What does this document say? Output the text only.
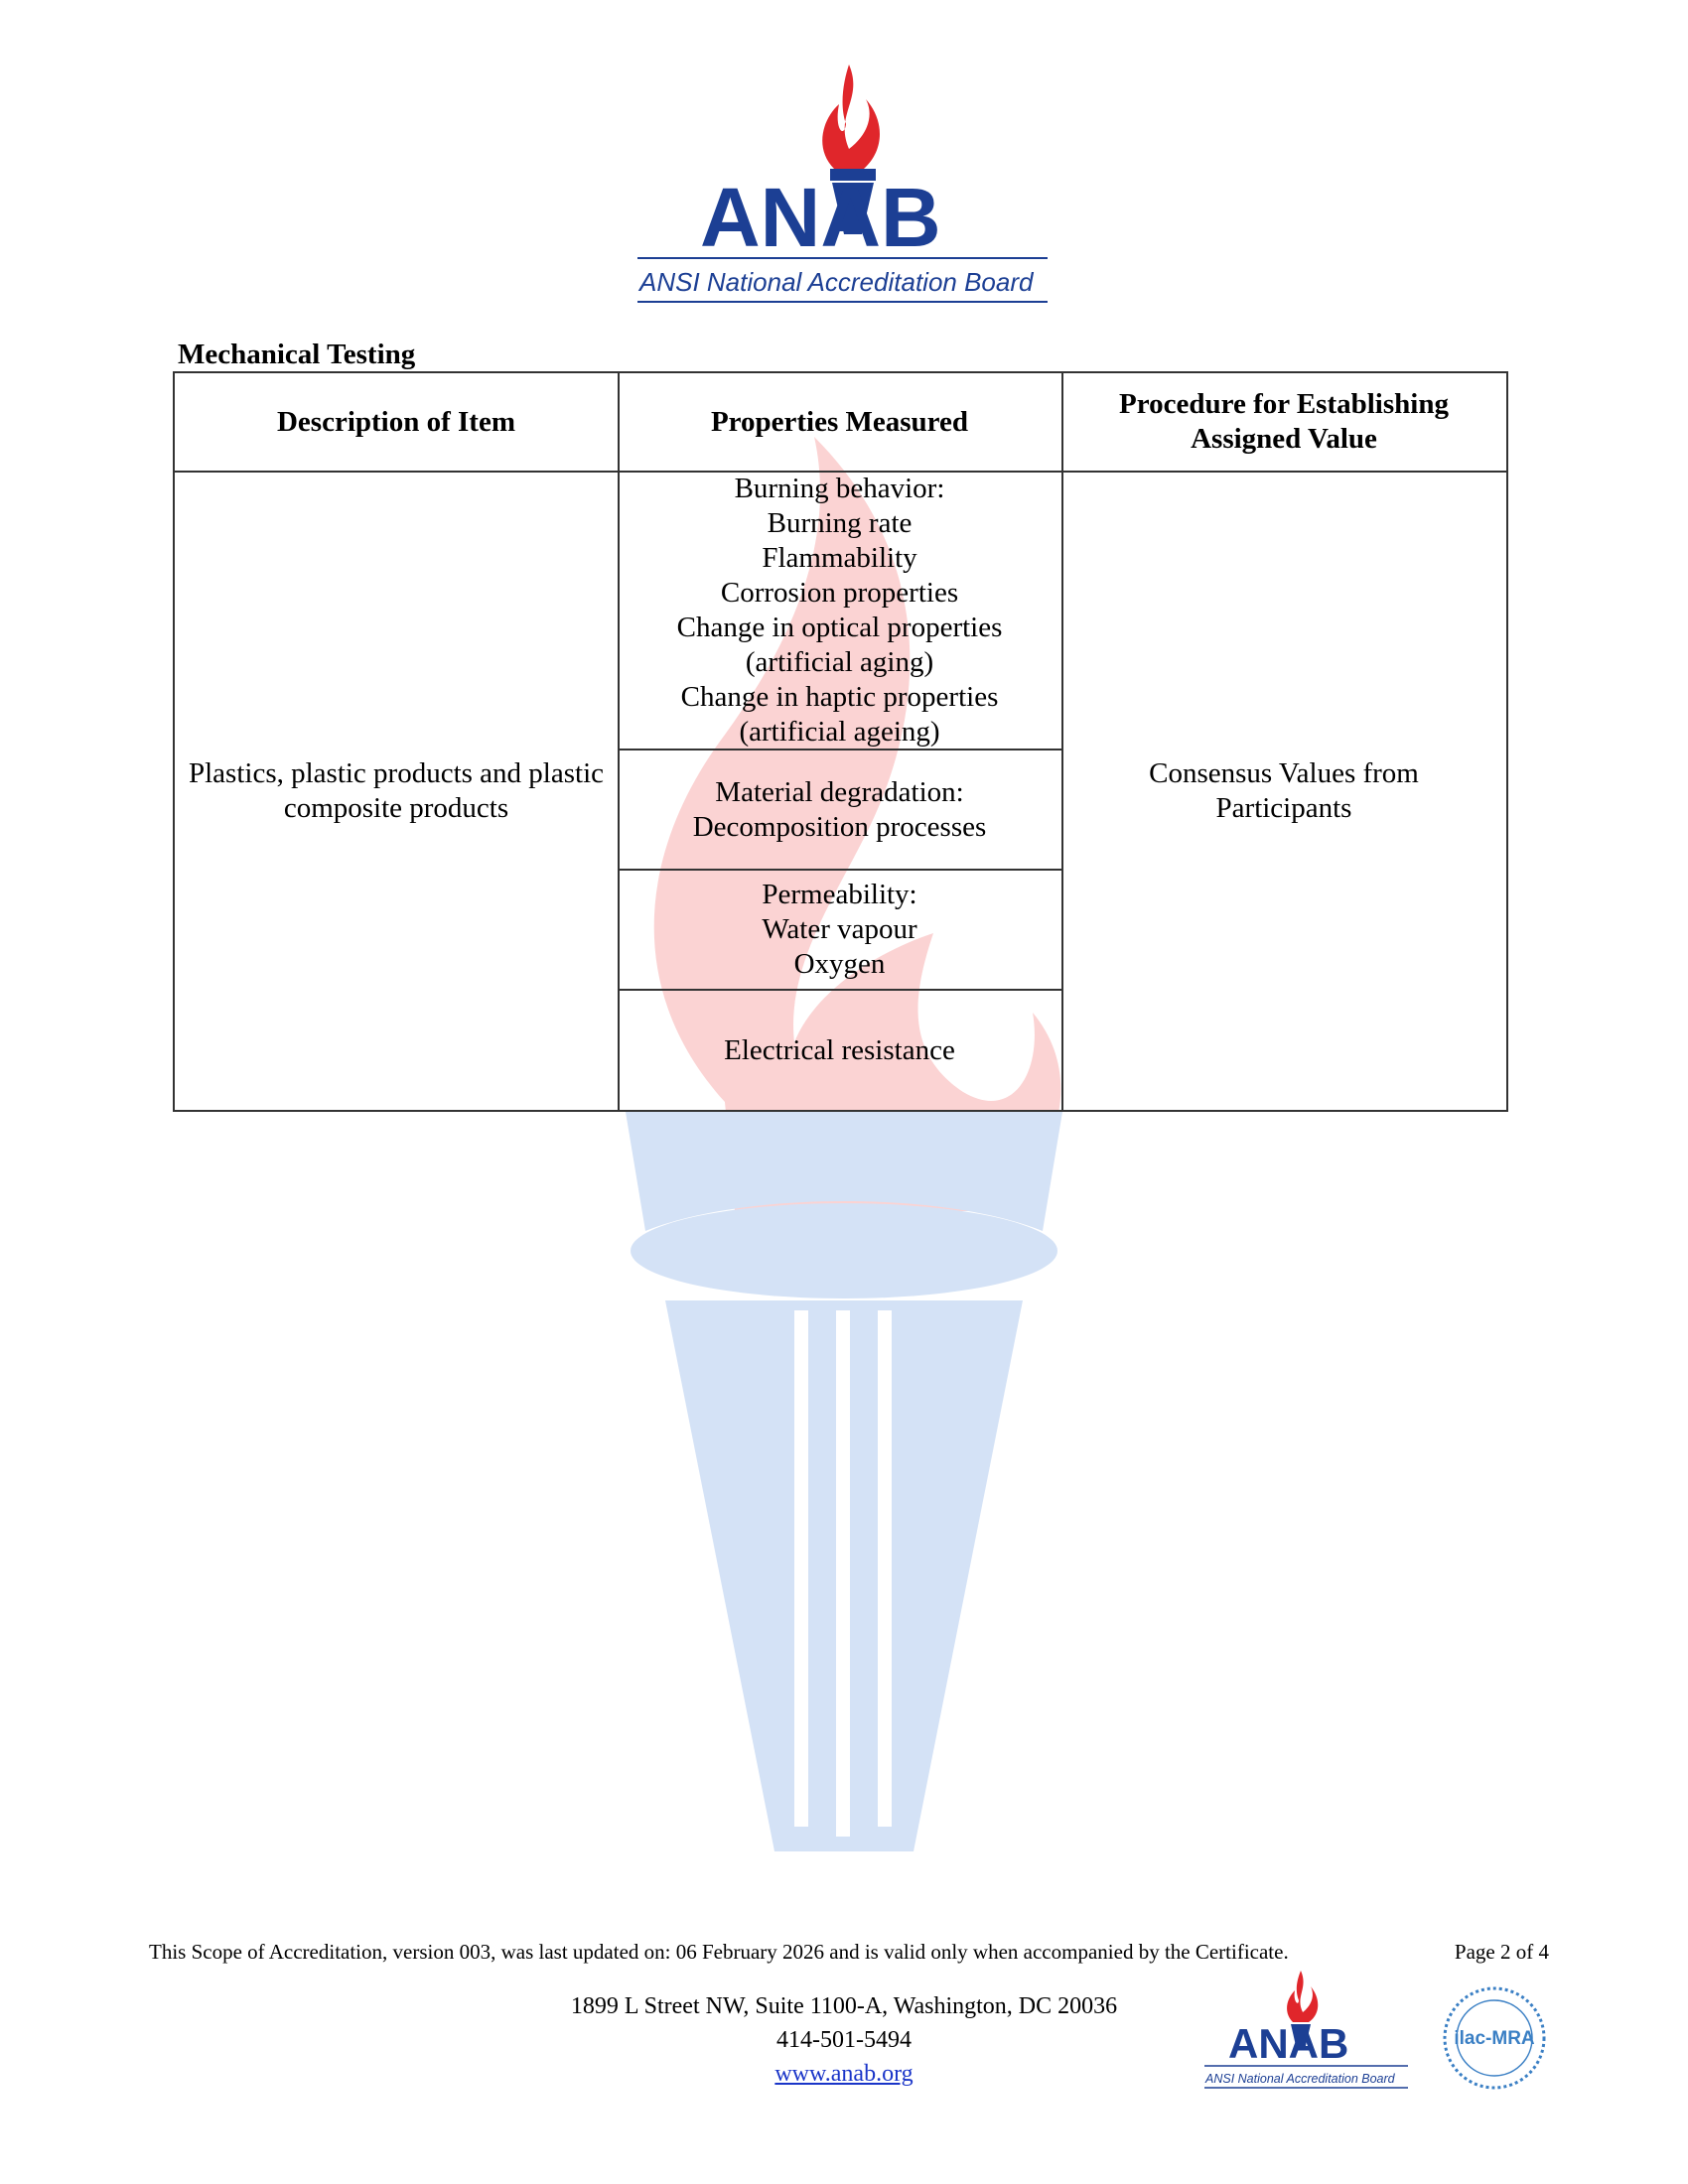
ANAB
ANSI National Accreditation Board
Mechanical Testing
Description of Item	Properties Measured
Procedure for Establishing Assigned Value
Plastics, plastic products and plastic composite products
Burning behavior:
Burning rate
Flammability
Corrosion properties
Change in optical properties
(artificial aging)
Change in haptic properties
(artificial ageing)
Material degradation:
Decomposition processes
Permeability:
Water vapour
Oxygen
Electrical resistance
Consensus Values from Participants
This Scope of Accreditation, version 003, was last updated on: 06 February 2026 and is valid only when accompanied by the Certificate.	Page 2 of 4
1899 L Street NW, Suite 1100-A, Washington, DC 20036
414-501-5494
www.anab.org
ANAB
ANSI National Accreditation Board
ilac-MRA
